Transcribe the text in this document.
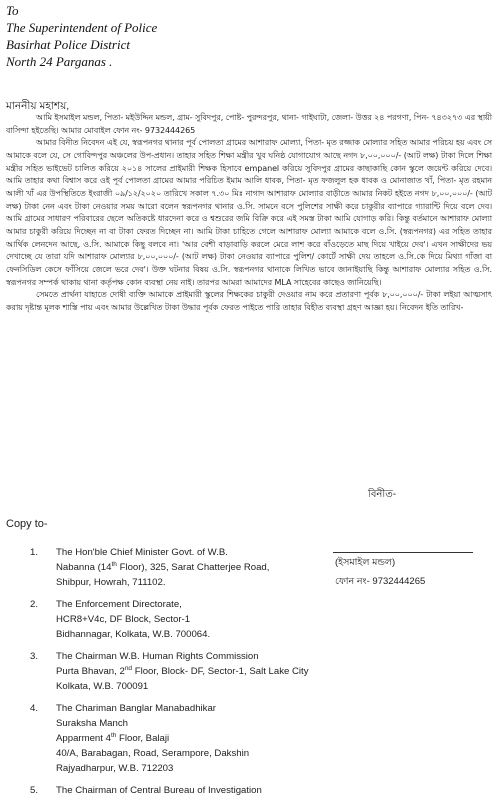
To
The Superintendent of Police
Basirhat Police District
North 24 Parganas .
মাননীয় মহাশয়,

আমি ইসমাইল মন্ডল, পিতা- মইউদ্দিন মন্ডল, গ্রাম- সুবিদপুর, পোষ্ট- পুরন্দরপুর, থানা- গাইঘাটা, জেলা- উত্তর ২৪ পরগণা, পিন- ৭৪৩২৭৩ এর স্থায়ী বাসিন্দা হইতেছি। আমার মোবাইল ফোন নং- 9732444265

আমার বিনীত নিবেদন এই যে, স্বরূপনগর থানার পূর্ব পোলতা গ্রামের আশারাফ মোল্যা, পিতা- মৃত রজ্জাক মোল্যার সহিত আমার পরিচয় হয় এবং সে আমাকে বলে যে, সে গোবিন্দপুর অঞ্চলের উপ-প্রধান। তাহার সহিত শিক্ষা মন্ত্রীর খুব ঘনিষ্ঠ যোগাযোগ আছে নগদ ৮,০০,০০০/- (আট লক্ষ) টাকা দিলে শিক্ষা মন্ত্রীর সহিত ভাইভেট চালিত করিয়ে ২০১৪ সালের প্রাইমারী শিক্ষক হিসাবে empanel করিয়ে সুবিদপুর গ্রামের কাছাকাছি কোন স্কুলে জয়েন্ট করিয়ে দেবে। আমি তাহার কথা বিশ্বাস করে ওই পূর্ব পোলতা গ্রামের আমার পরিচিত ইমাম আলি ধাবক, পিতা- মৃত ফজলুল হক ধাবক ও মোনাজাত খাঁ, পিতা- মৃত রহমান আলী খাঁ এর উপস্থিতিতে ইংরাজী ০৯/১২/২০২০ তারিখে সকাল ৭.৩০ মিঃ নাগাদ আশারাফ মোল্যার বাড়ীতে আমার নিকট হইতে নগদ ৮,০০,০০০/- (আট লক্ষ) টাকা নেন এবং টাকা নেওয়ার সময় আরো বলেন স্বরূপনগর থানার ও.সি. সামনে বসে পুলিশের সাক্ষী করে চাকুরীর ব্যাপারে গ্যারান্টি দিয়ে বলে দেব। আমি গ্রামের সাধারণ পরিবারের ছেলে অতিকষ্টে ধারদেনা করে ও শ্বশুরের জমি বিক্রি করে এই সমস্ত টাকা আমি যোগাড় করি। কিন্তু বর্তমানে আশারাফ মোল্যা আমার চাকুরী করিয়ে দিচ্ছেন না বা টাকা ফেরত দিচ্ছেন না। আমি টাকা চাহিতে গেলে আশারাফ মোল্যা আমাকে বলে ও.সি. (স্বরূপনগর) এর সহিত তাহার আর্থিক লেনদেন আছে, ও.সি. আমাকে কিছু বলবে না। 'আর বেশী বাড়াবাড়ি করলে মেরে লাশ করে বাঁওড়েতে মাছ দিয়ে খাইয়ে দেব'। এখন সাক্ষীদের ভয় দেখাচ্ছে যে তারা যদি আশারাফ মোল্যার ৮,০০,০০০/- (আট লক্ষ) টাকা নেওয়ার ব্যাপারে পুলিশ/ কোর্টে সাক্ষী দেয় তাহলে ও.সি.কে দিয়ে মিথ্যা গাঁজা বা ফেনসিডিল কেসে ফাঁসিয়ে জেলে ভরে দেব'। উক্ত ঘটনার বিষয় ও.সি. স্বরূপনগর থানাকে লিখিত ভাবে জানাইয়াছি কিন্তু আশারাফ মোল্যার সহিত ও.সি. স্বরূপনগর সম্পর্ক থাকায় থানা কর্তৃপক্ষ কোন ব্যবস্থা নেয় নাই। তারপর আমরা আমাদের MLA সাহেবের কাছেও জানিয়েছি।

সেমতে প্রার্থনা যাহাতে দোষী ব্যক্তি আমাকে প্রাইমারী স্কুলের শিক্ষকের চাকুরী দেওয়ার নাম করে প্রতারণা পূর্বক ৮,০০,০০০/- টাকা লইয়া আত্মসাৎ করায় দৃষ্টান্ত মূলক শাস্তি পায় এবং আমার উল্লেখিত টাকা উদ্ধার পূর্বক ফেরত পাইতে পারি তাহার বিহীত ব্যবস্থা গ্রহণ আজ্ঞা হয়। নিবেদন ইতি তারিখ-

বিনীত-
Copy to-
1.	The Hon'ble Chief Minister Govt. of W.B.
Nabanna (14th Floor), 325, Sarat Chatterjee Road,
Shibpur, Howrah, 711102.
2.	The Enforcement Directorate,
HCR8+V4c, DF Block, Sector-1
Bidhannagar, Kolkata, W.B. 700064.
3.	The Chairman W.B. Human Rights Commission
Purta Bhavan, 2nd Floor, Block- DF, Sector-1, Salt Lake City
Kolkata, W.B. 700091
4.	The Chariman Banglar Manabadhikar
Suraksha Manch
Apparment 4th Floor, Balaji
40/A, Barabagan, Road, Serampore, Dakshin
Rajyadharpur, W.B. 712203
5.	The Chairman of Central Bureau of Investigation
(ইসমাইল মন্ডল)
ফোন নং- 9732444265
